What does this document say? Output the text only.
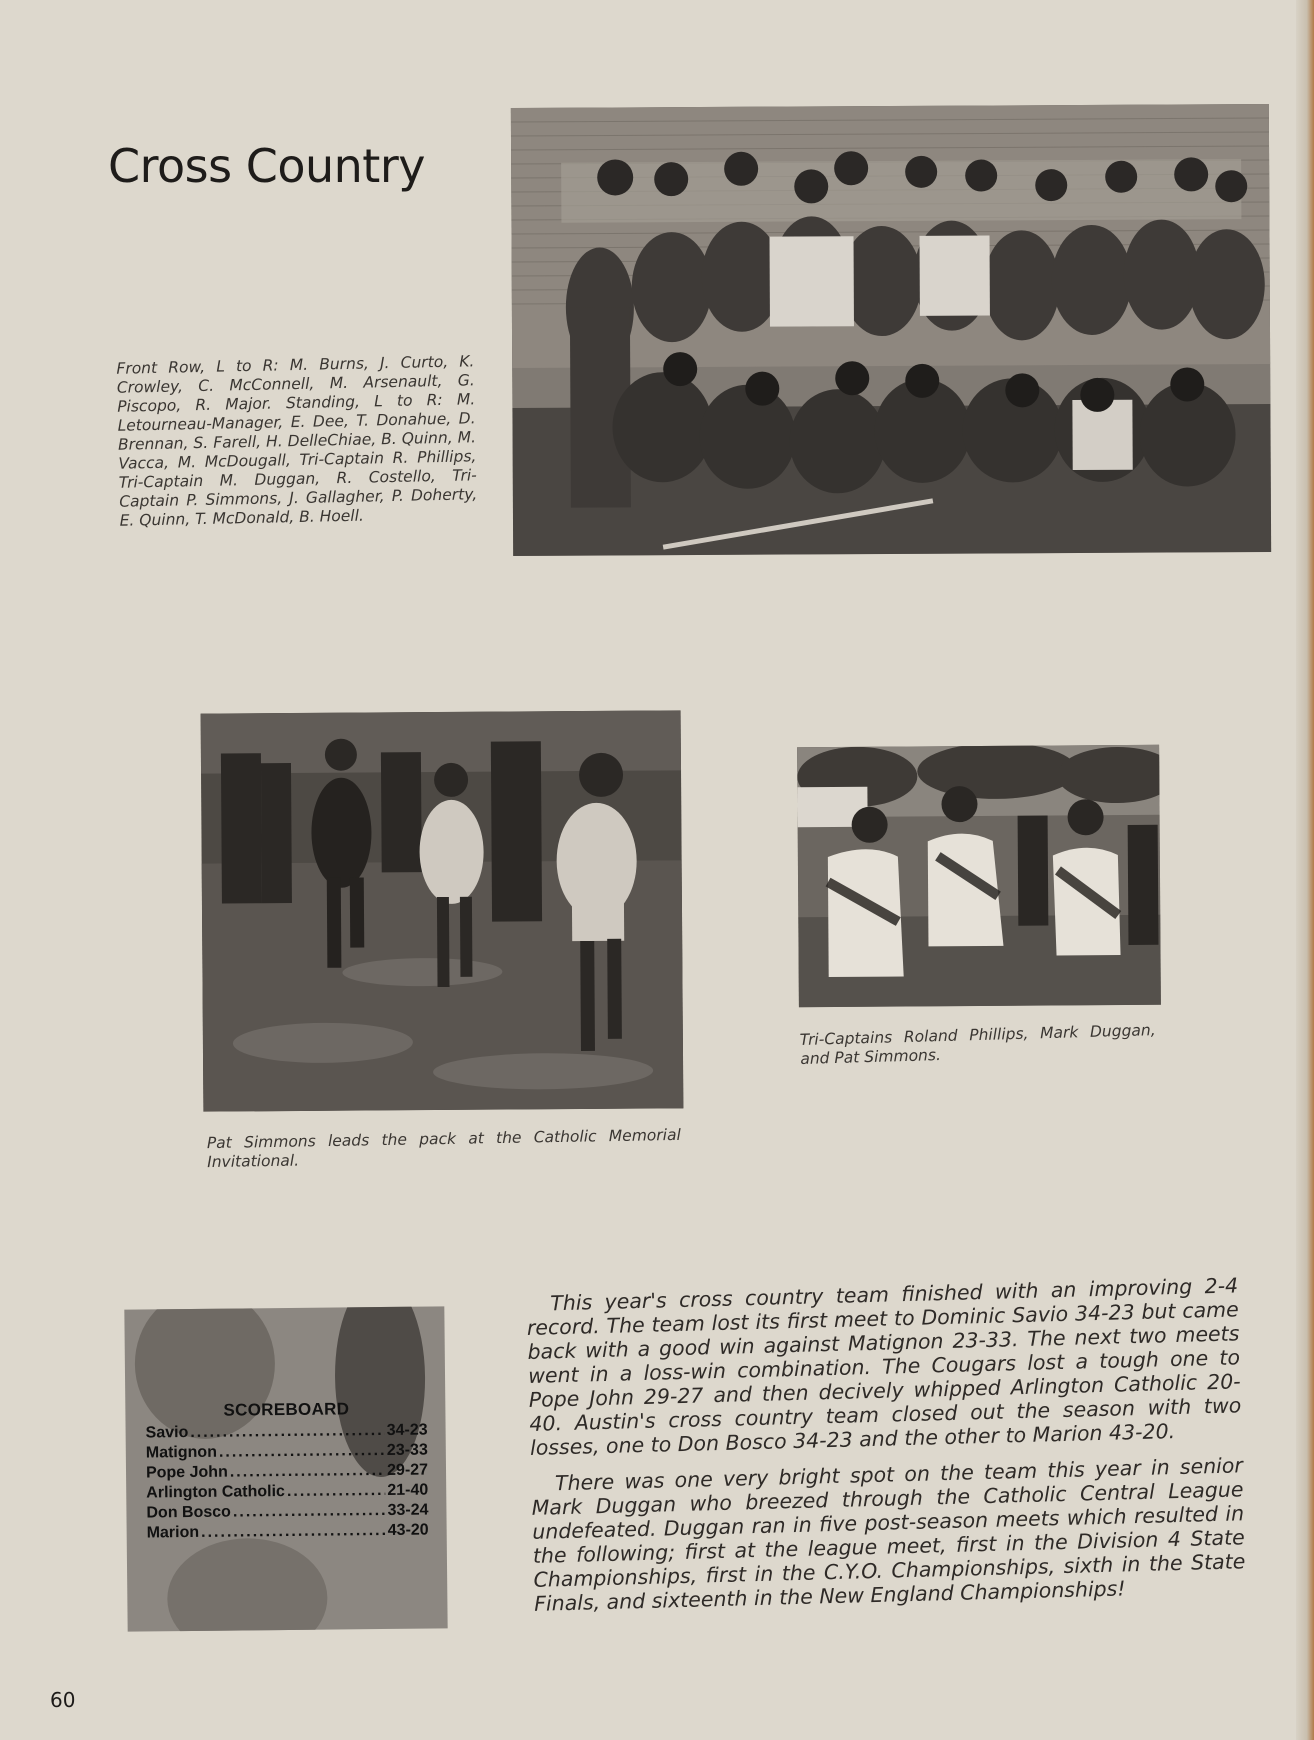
Cross Country
Front Row, L to R: M. Burns, J. Curto, K. Crowley, C. McConnell, M. Arsenault, G. Piscopo, R. Major. Standing, L to R: M. Letourneau-Manager, E. Dee, T. Donahue, D. Brennan, S. Farell, H. DelleChiae, B. Quinn, M. Vacca, M. McDougall, Tri-Captain R. Phillips, Tri-Captain M. Duggan, R. Costello, Tri-Captain P. Simmons, J. Gallagher, P. Doherty, E. Quinn, T. McDonald, B. Hoell.
Pat Simmons leads the pack at the Catholic Memorial Invitational.
Tri-Captains Roland Phillips, Mark Duggan, and Pat Simmons.
SCOREBOARD
Savio .....	34-23
Matignon .....	23-33
Pope John .....	29-27
Arlington Catholic .....	21-40
Don Bosco .....	33-24
Marion .....	43-20

This year's cross country team finished with an improving 2-4 record. The team lost its first meet to Dominic Savio 34-23 but came back with a good win against Matignon 23-33. The next two meets went in a loss-win combination. The Cougars lost a tough one to Pope John 29-27 and then decively whipped Arlington Catholic 20-40. Austin's cross country team closed out the season with two losses, one to Don Bosco 34-23 and the other to Marion 43-20.

There was one very bright spot on the team this year in senior Mark Duggan who breezed through the Catholic Central League undefeated. Duggan ran in five post-season meets which resulted in the following; first at the league meet, first in the Division 4 State Championships, first in the C.Y.O. Championships, sixth in the State Finals, and sixteenth in the New England Championships!

60
